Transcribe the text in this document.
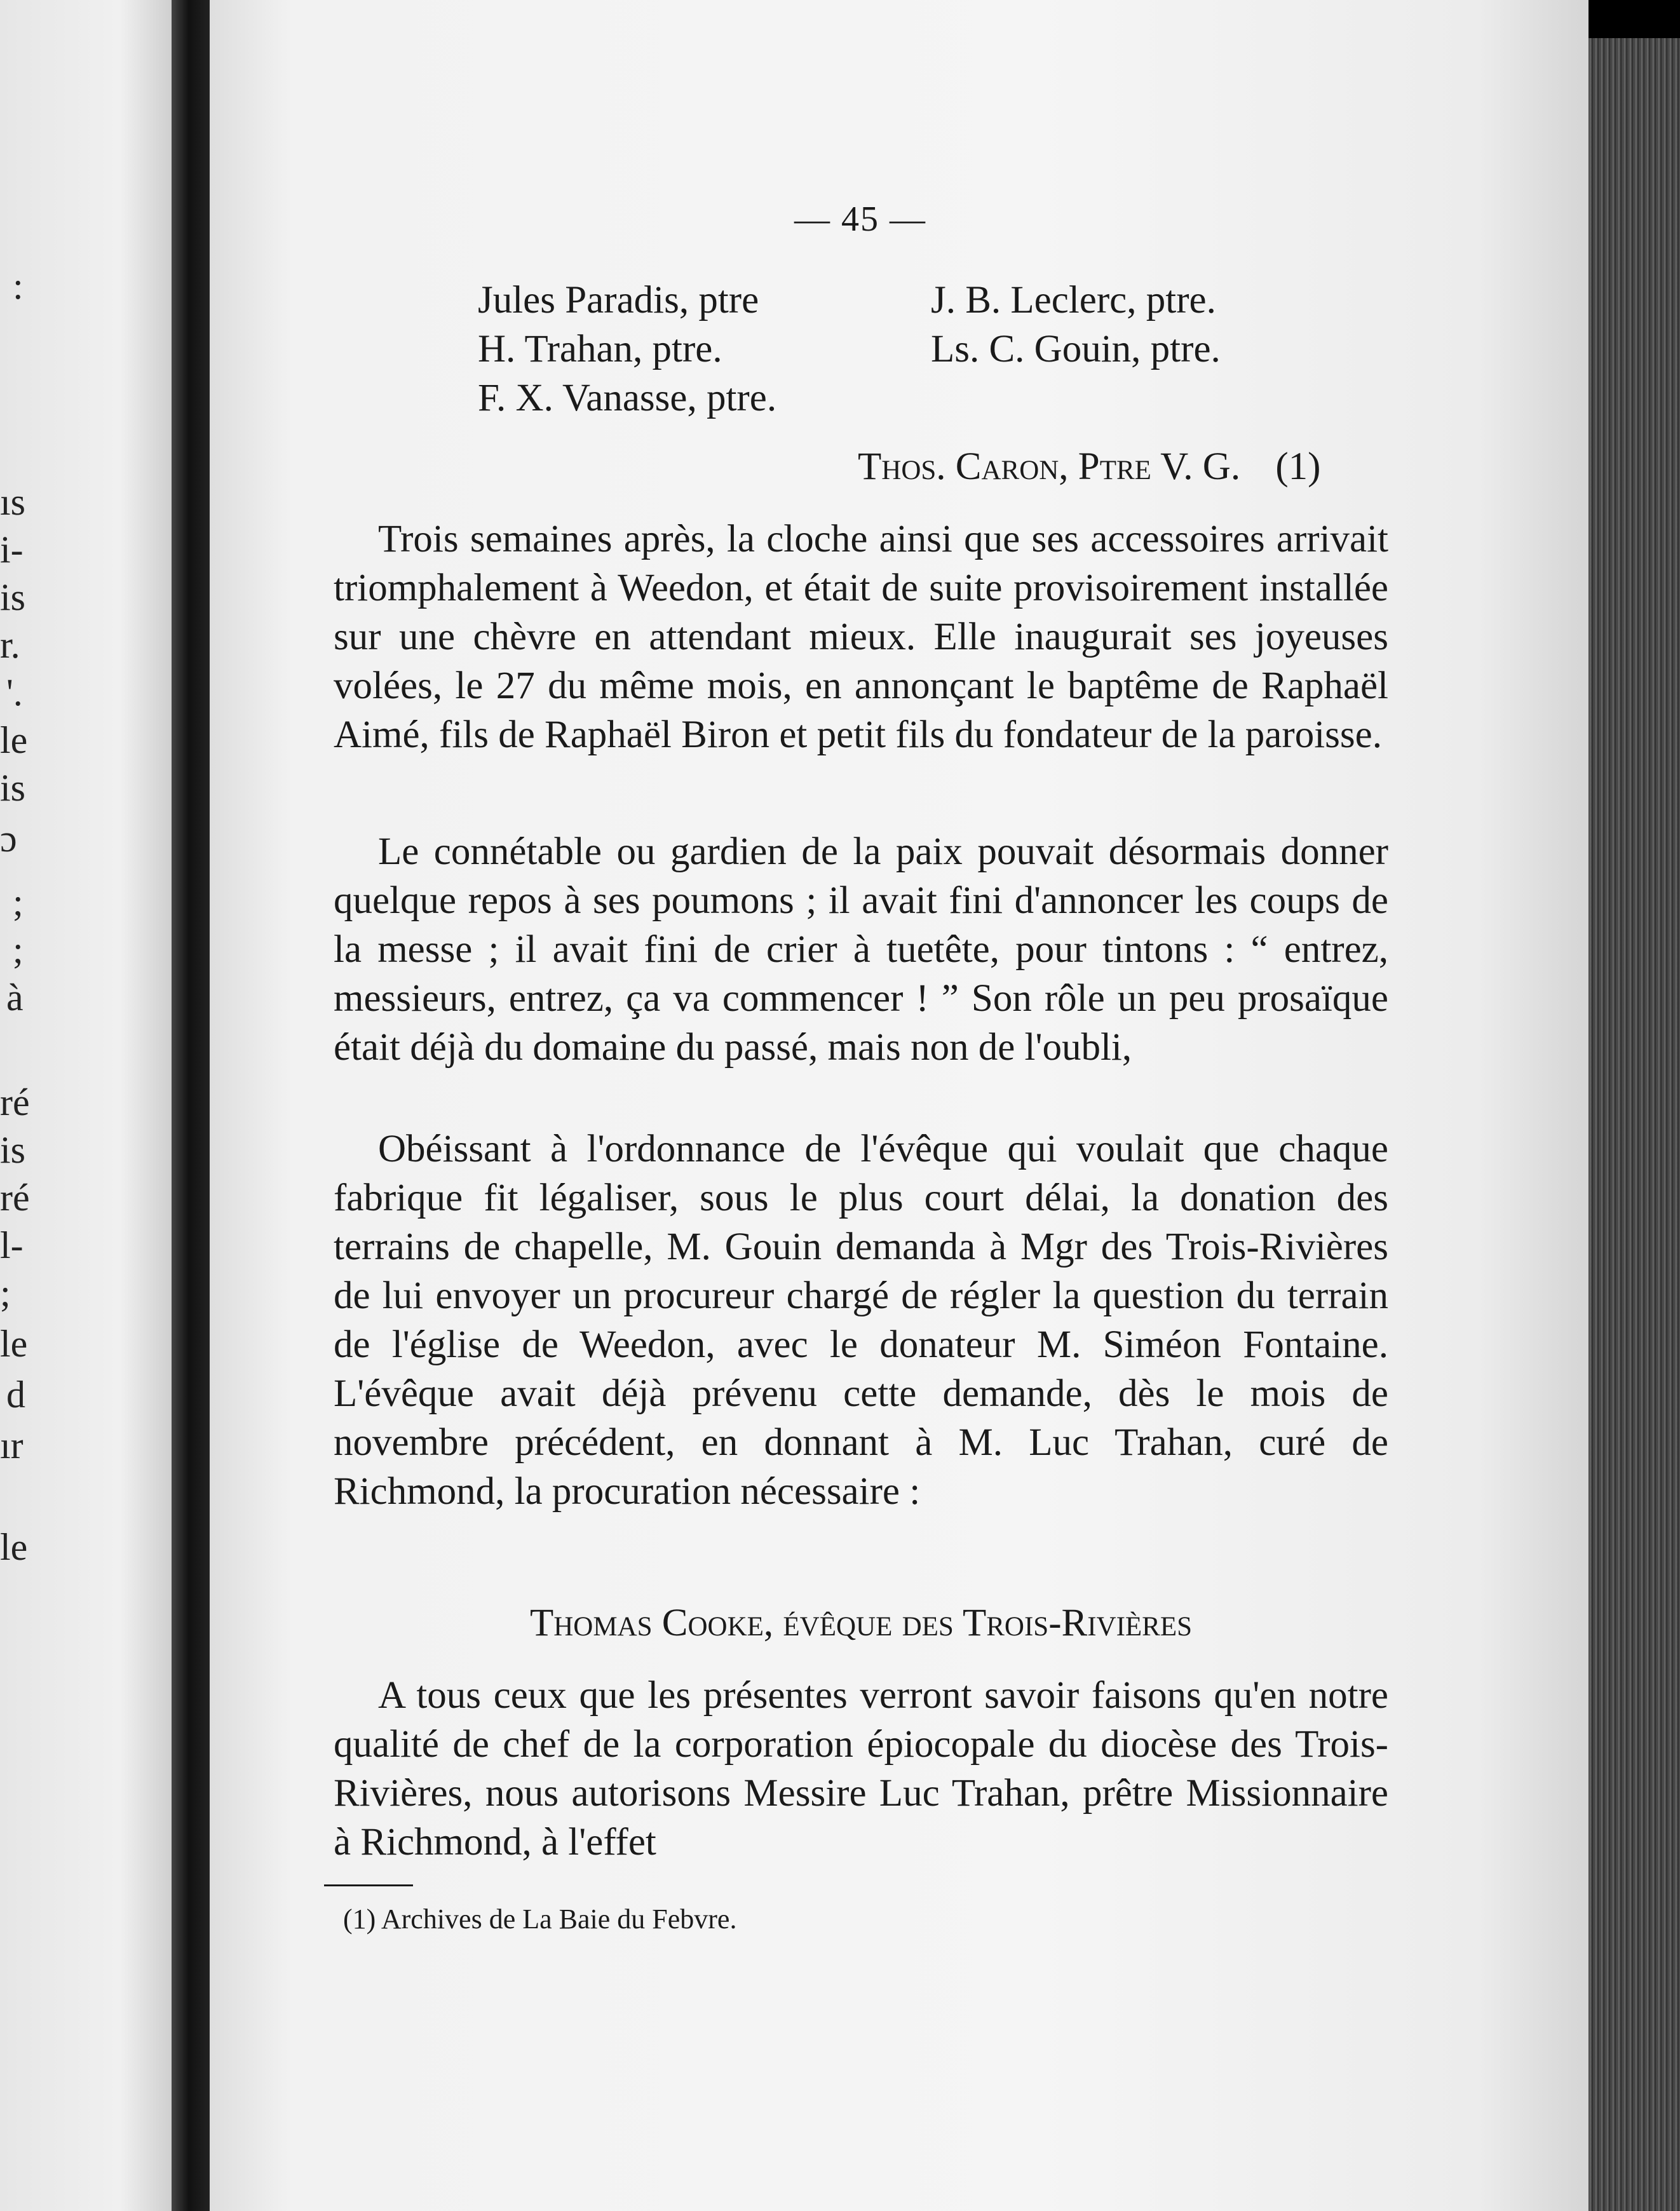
:
ıs
i-
is
r.
'.
le
is
ɔ
;
;
à
ré
is
ré
l-
;
le
d
ır
le
— 45 —
Jules Paradis, ptre
H. Trahan, ptre.
F. X. Vanasse, ptre.
J. B. Leclerc, ptre.
Ls. C. Gouin, ptre.
Thos. Caron, Ptre V. G. (1)
Trois semaines après, la cloche ainsi que ses accessoires arrivait triomphalement à Weedon, et était de suite provisoirement installée sur une chèvre en attendant mieux. Elle inaugurait ses joyeuses volées, le 27 du même mois, en annonçant le baptême de Raphaël Aimé, fils de Raphaël Biron et petit fils du fondateur de la paroisse.
Le connétable ou gardien de la paix pouvait désormais donner quelque repos à ses poumons ; il avait fini d'annoncer les coups de la messe ; il avait fini de crier à tuetête, pour tintons : “ entrez, messieurs, entrez, ça va commencer ! ” Son rôle un peu prosaïque était déjà du domaine du passé, mais non de l'oubli,
Obéissant à l'ordonnance de l'évêque qui voulait que chaque fabrique fit légaliser, sous le plus court délai, la donation des terrains de chapelle, M. Gouin demanda à Mgr des Trois-Rivières de lui envoyer un procureur chargé de régler la question du terrain de l'église de Weedon, avec le donateur M. Siméon Fontaine. L'évêque avait déjà prévenu cette demande, dès le mois de novembre précédent, en donnant à M. Luc Trahan, curé de Richmond, la procuration nécessaire :
Thomas Cooke, évêque des Trois-Rivières
A tous ceux que les présentes verront savoir faisons qu'en notre qualité de chef de la corporation épiocopale du diocèse des Trois-Rivières, nous autorisons Messire Luc Trahan, prêtre Missionnaire à Richmond, à l'effet
(1) Archives de La Baie du Febvre.
